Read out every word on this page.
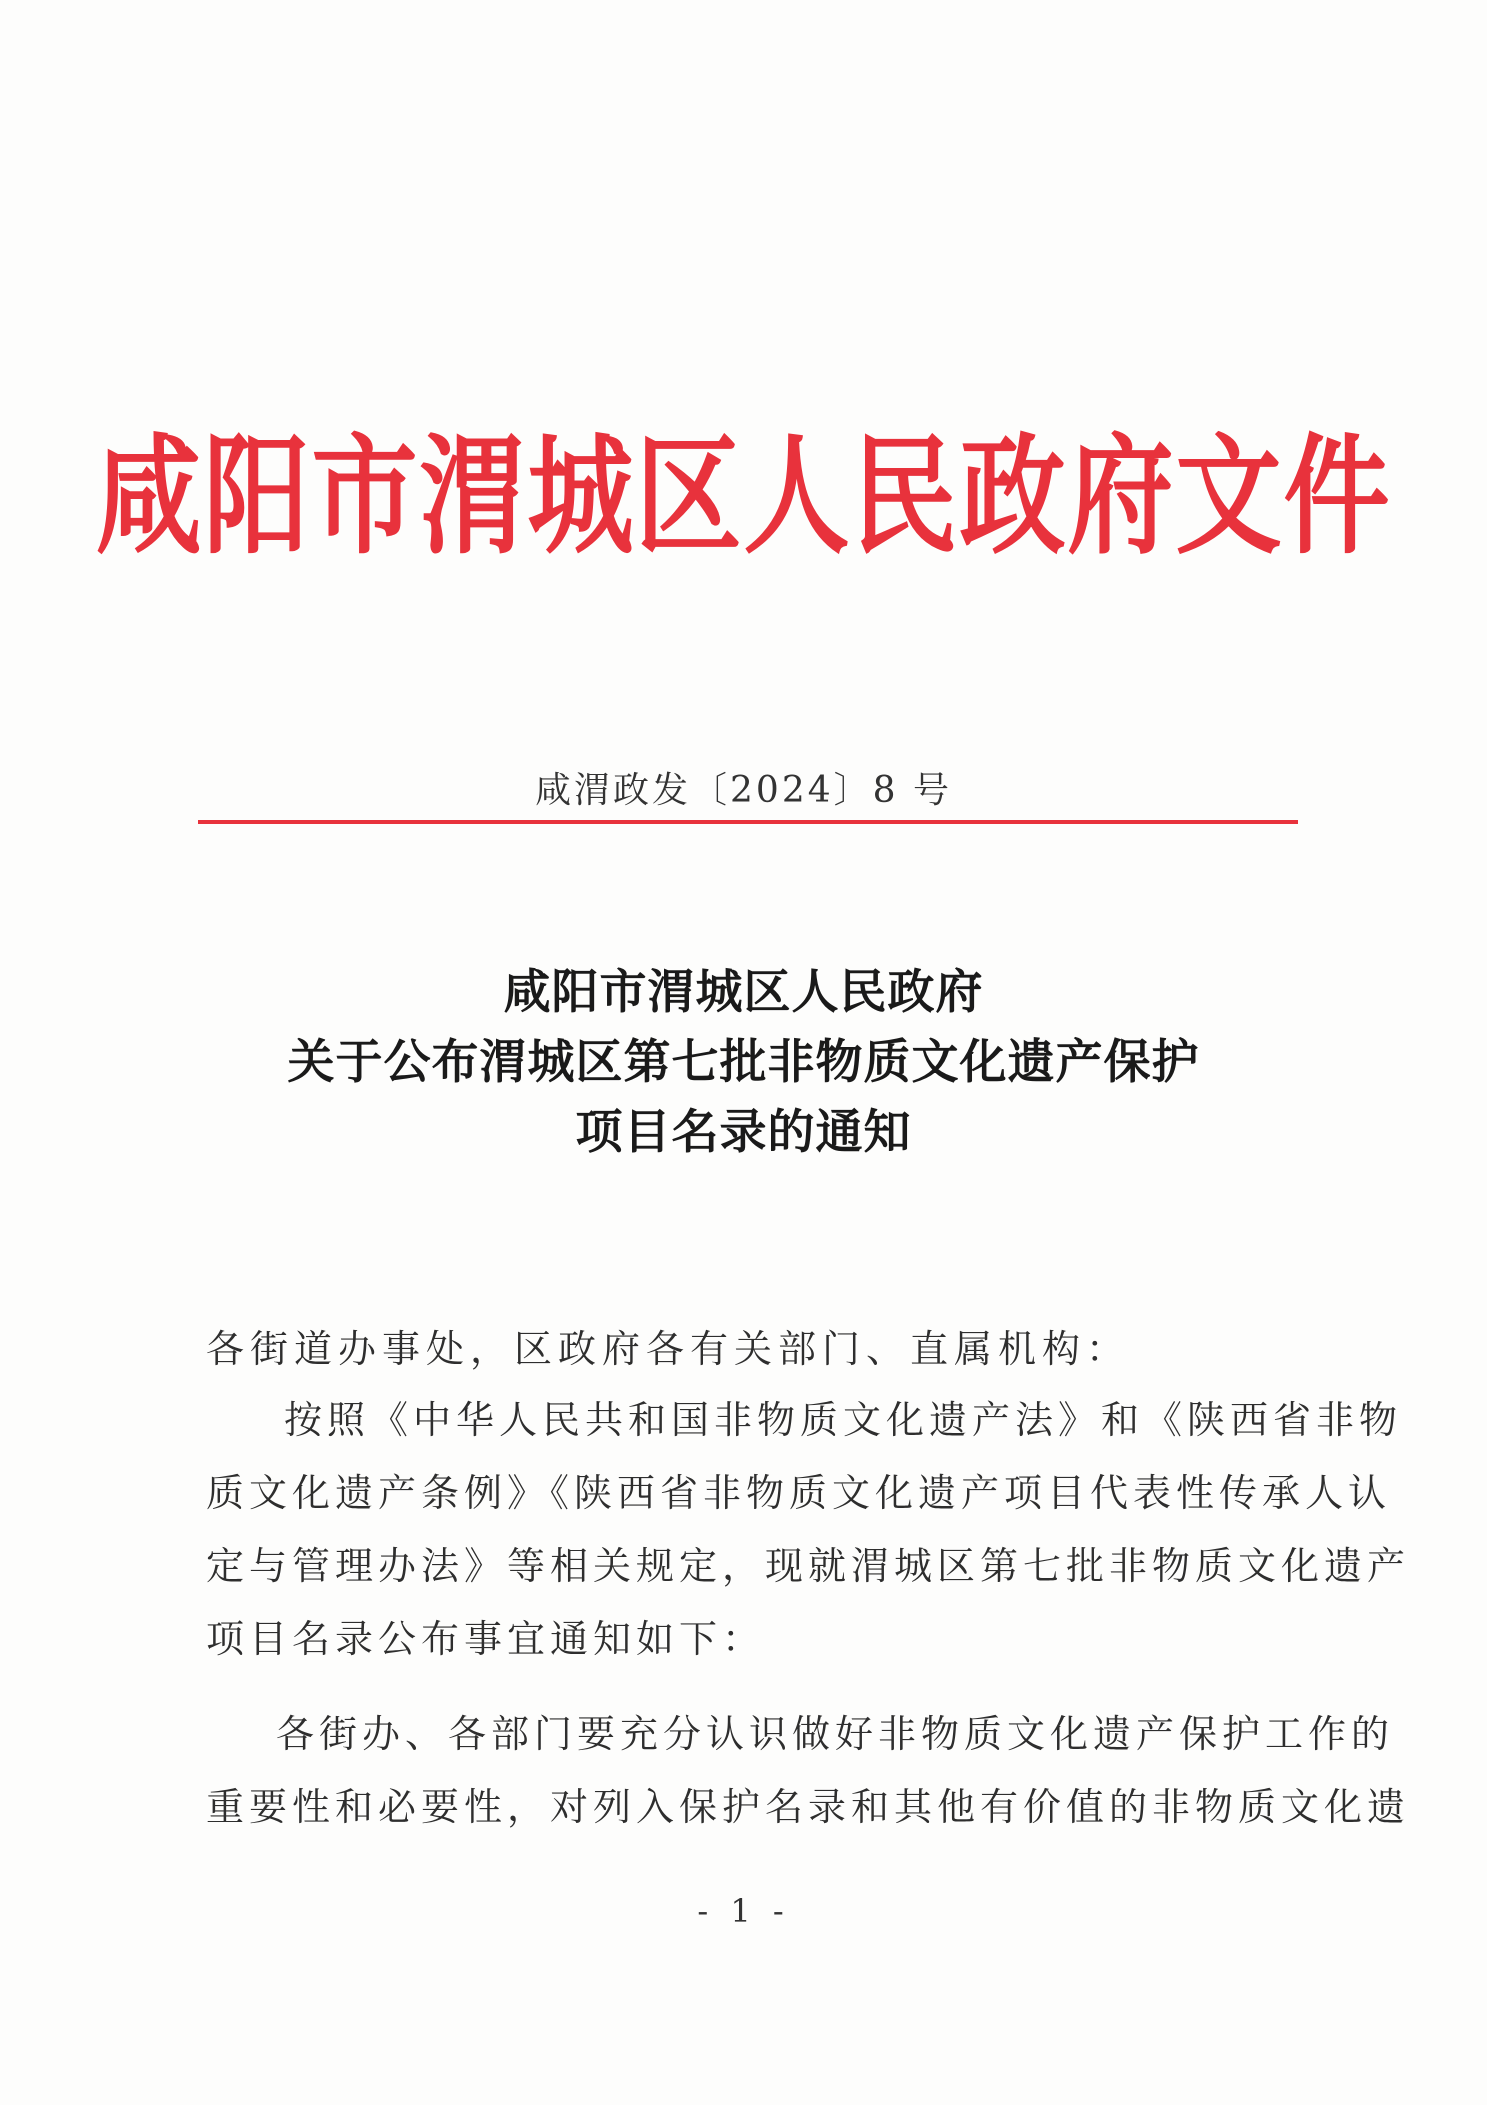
咸阳市渭城区人民政府文件
咸渭政发〔2024〕8 号
咸阳市渭城区人民政府
关于公布渭城区第七批非物质文化遗产保护
项目名录的通知
各街道办事处，区政府各有关部门、直属机构：
按照《中华人民共和国非物质文化遗产法》和《陕西省非物
质文化遗产条例》《陕西省非物质文化遗产项目代表性传承人认
定与管理办法》等相关规定，现就渭城区第七批非物质文化遗产
项目名录公布事宜通知如下：
各街办、各部门要充分认识做好非物质文化遗产保护工作的
重要性和必要性，对列入保护名录和其他有价值的非物质文化遗
- 1 -
